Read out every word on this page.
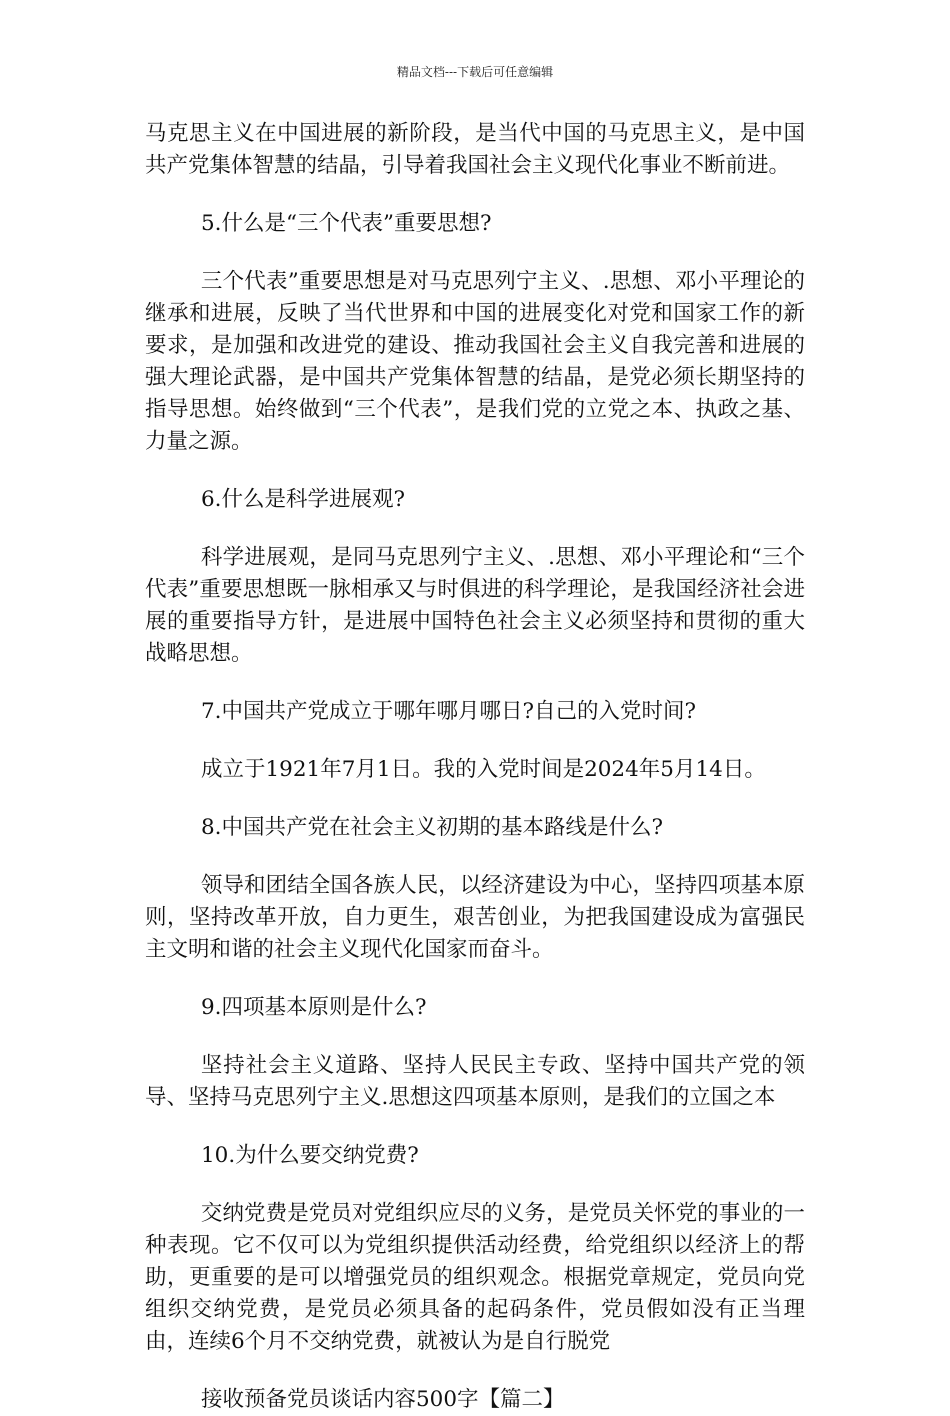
精品文档---下载后可任意编辑

马克思主义在中国进展的新阶段，是当代中国的马克思主义，是中国共产党集体智慧的结晶，引导着我国社会主义现代化事业不断前进。

5.什么是“三个代表”重要思想?

三个代表”重要思想是对马克思列宁主义、.思想、邓小平理论的继承和进展，反映了当代世界和中国的进展变化对党和国家工作的新要求，是加强和改进党的建设、推动我国社会主义自我完善和进展的强大理论武器，是中国共产党集体智慧的结晶，是党必须长期坚持的指导思想。始终做到“三个代表”，是我们党的立党之本、执政之基、力量之源。

6.什么是科学进展观?

科学进展观，是同马克思列宁主义、.思想、邓小平理论和“三个代表”重要思想既一脉相承又与时俱进的科学理论，是我国经济社会进展的重要指导方针，是进展中国特色社会主义必须坚持和贯彻的重大战略思想。

7.中国共产党成立于哪年哪月哪日?自己的入党时间?

成立于1921年7月1日。我的入党时间是2024年5月14日。

8.中国共产党在社会主义初期的基本路线是什么?

领导和团结全国各族人民，以经济建设为中心，坚持四项基本原则，坚持改革开放，自力更生，艰苦创业，为把我国建设成为富强民主文明和谐的社会主义现代化国家而奋斗。

9.四项基本原则是什么?

坚持社会主义道路、坚持人民民主专政、坚持中国共产党的领导、坚持马克思列宁主义.思想这四项基本原则，是我们的立国之本

10.为什么要交纳党费?

交纳党费是党员对党组织应尽的义务，是党员关怀党的事业的一种表现。它不仅可以为党组织提供活动经费，给党组织以经济上的帮助，更重要的是可以增强党员的组织观念。根据党章规定，党员向党组织交纳党费，是党员必须具备的起码条件，党员假如没有正当理由，连续6个月不交纳党费，就被认为是自行脱党

接收预备党员谈话内容500字【篇二】
